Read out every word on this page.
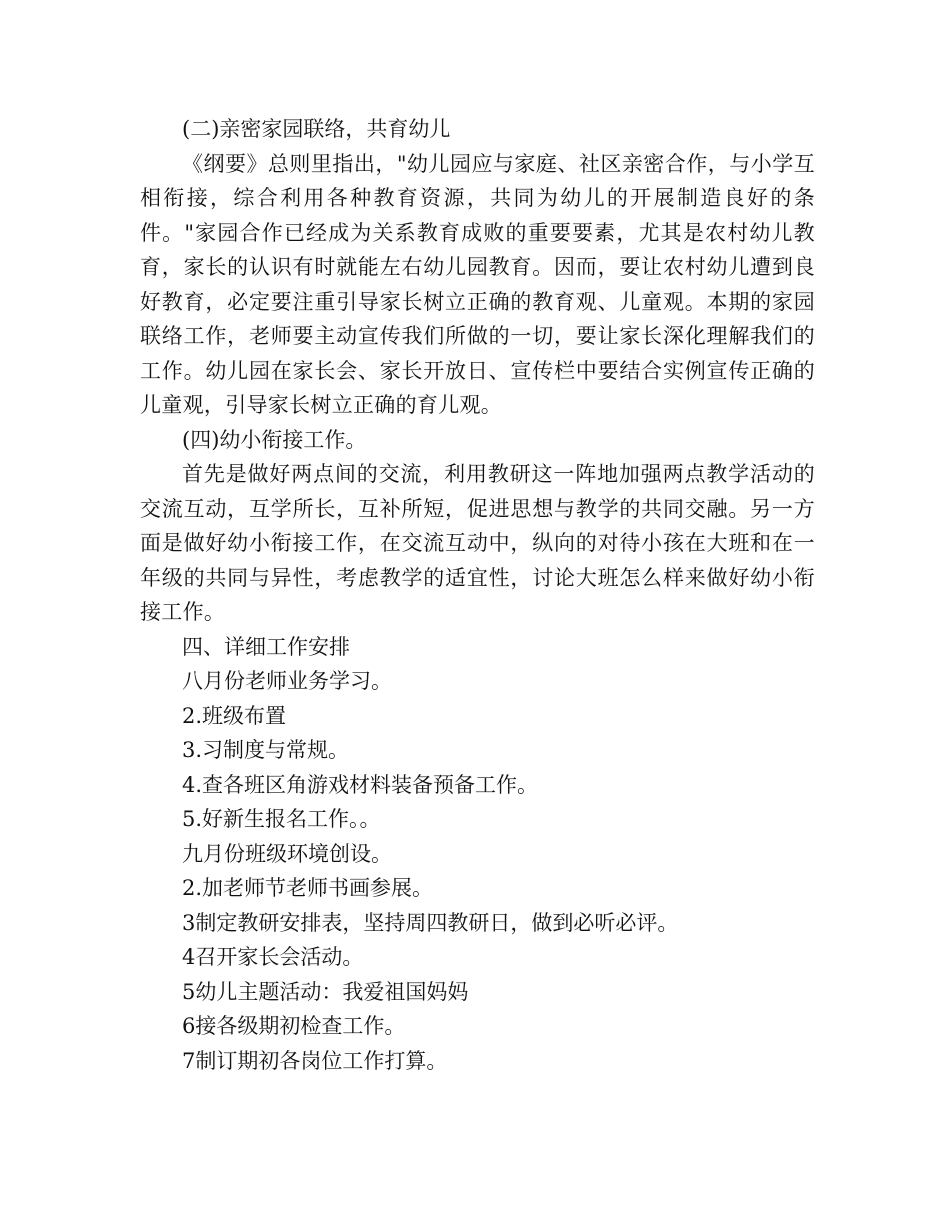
(二)亲密家园联络，共育幼儿

《纲要》总则里指出，"幼儿园应与家庭、社区亲密合作，与小学互相衔接，综合利用各种教育资源，共同为幼儿的开展制造良好的条件。"家园合作已经成为关系教育成败的重要要素，尤其是农村幼儿教育，家长的认识有时就能左右幼儿园教育。因而，要让农村幼儿遭到良好教育，必定要注重引导家长树立正确的教育观、儿童观。本期的家园联络工作，老师要主动宣传我们所做的一切，要让家长深化理解我们的工作。幼儿园在家长会、家长开放日、宣传栏中要结合实例宣传正确的儿童观，引导家长树立正确的育儿观。

(四)幼小衔接工作。

首先是做好两点间的交流，利用教研这一阵地加强两点教学活动的交流互动，互学所长，互补所短，促进思想与教学的共同交融。另一方面是做好幼小衔接工作，在交流互动中，纵向的对待小孩在大班和在一年级的共同与异性，考虑教学的适宜性，讨论大班怎么样来做好幼小衔接工作。

四、详细工作安排

八月份老师业务学习。

2.班级布置

3.习制度与常规。

4.查各班区角游戏材料装备预备工作。

5.好新生报名工作。。

九月份班级环境创设。

2.加老师节老师书画参展。

3制定教研安排表，坚持周四教研日，做到必听必评。

4召开家长会活动。

5幼儿主题活动：我爱祖国妈妈

6接各级期初检查工作。

7制订期初各岗位工作打算。
